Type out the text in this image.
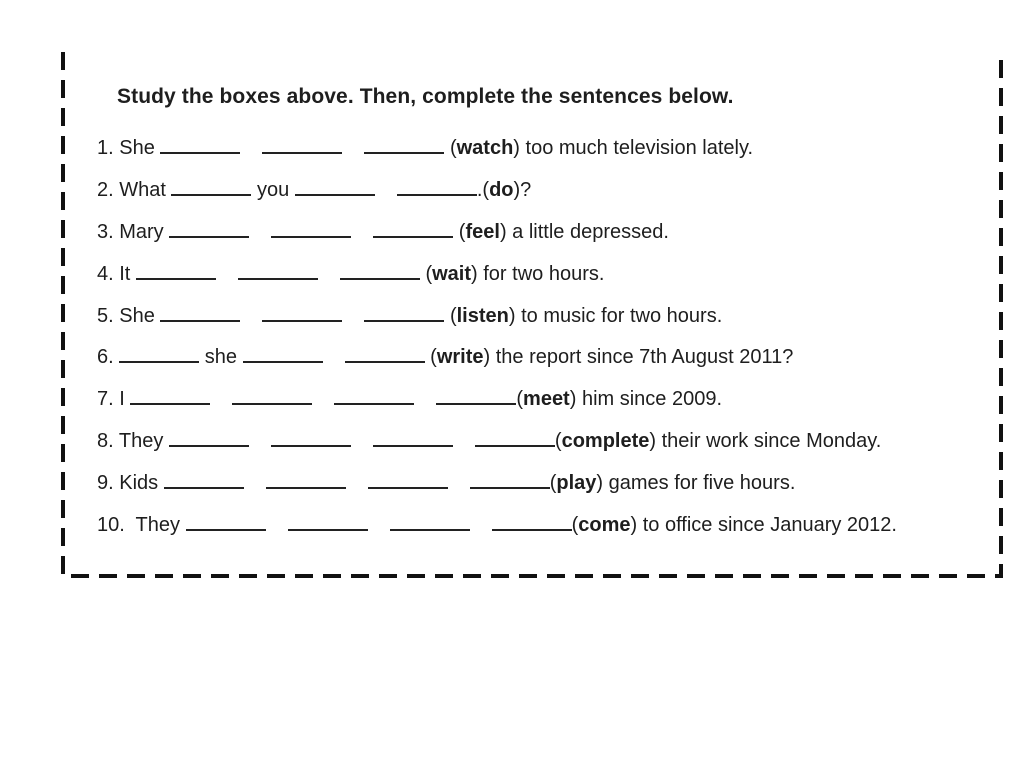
Study the boxes above. Then, complete the sentences below.
1. She	(watch) too much television lately.
2. What	you	.(do)?
3. Mary	(feel) a little depressed.
4. It	(wait) for two hours.
5. She	(listen) to music for two hours.
6.	she	(write) the report since 7th August 2011?
7. I	(meet) him since 2009.
8. They	(complete) their work since Monday.
9. Kids	(play) games for five hours.
10.  They	(come) to office since January 2012.
